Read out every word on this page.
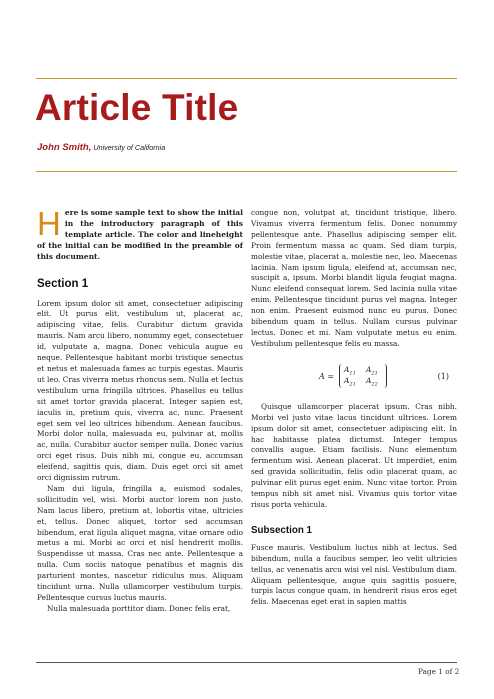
Article Title
John Smith, University of California

Here is some sample text to show the initial in the introductory paragraph of this template article. The color and lineheight of the initial can be modified in the preamble of this document.

Section 1

Lorem ipsum dolor sit amet, consectetuer adipiscing elit. Ut purus elit, vestibulum ut, placerat ac, adipiscing vitae, felis. Curabitur dictum gravida mauris. Nam arcu libero, nonummy eget, consectetuer id, vulputate a, magna. Donec vehicula augue eu neque. Pellentesque habitant morbi tristique senectus et netus et malesuada fames ac turpis egestas. Mauris ut leo. Cras viverra metus rhoncus sem. Nulla et lectus vestibulum urna fringilla ultrices. Phasellus eu tellus sit amet tortor gravida placerat. Integer sapien est, iaculis in, pretium quis, viverra ac, nunc. Praesent eget sem vel leo ultrices bibendum. Aenean faucibus. Morbi dolor nulla, malesuada eu, pulvinar at, mollis ac, nulla. Curabitur auctor semper nulla. Donec varius orci eget risus. Duis nibh mi, congue eu, accumsan eleifend, sagittis quis, diam. Duis eget orci sit amet orci dignissim rutrum.

Nam dui ligula, fringilla a, euismod sodales, sollicitudin vel, wisi. Morbi auctor lorem non justo. Nam lacus libero, pretium at, lobortis vitae, ultricies et, tellus. Donec aliquet, tortor sed accumsan bibendum, erat ligula aliquet magna, vitae ornare odio metus a mi. Morbi ac orci et nisl hendrerit mollis. Suspendisse ut massa. Cras nec ante. Pellentesque a nulla. Cum sociis natoque penatibus et magnis dis parturient montes, nascetur ridiculus mus. Aliquam tincidunt urna. Nulla ullamcorper vestibulum turpis. Pellentesque cursus luctus mauris.

Nulla malesuada porttitor diam. Donec felis erat,

congue non, volutpat at, tincidunt tristique, libero. Vivamus viverra fermentum felis. Donec nonummy pellentesque ante. Phasellus adipiscing semper elit. Proin fermentum massa ac quam. Sed diam turpis, molestie vitae, placerat a, molestie nec, leo. Maecenas lacinia. Nam ipsum ligula, eleifend at, accumsan nec, suscipit a, ipsum. Morbi blandit ligula feugiat magna. Nunc eleifend consequat lorem. Sed lacinia nulla vitae enim. Pellentesque tincidunt purus vel magna. Integer non enim. Praesent euismod nunc eu purus. Donec bibendum quam in tellus. Nullam cursus pulvinar lectus. Donec et mi. Nam vulputate metus eu enim. Vestibulum pellentesque felis eu massa.

A =
$A_{11}$ $A_{21}$
$A_{21}$ $A_{22}$
(1)

Quisque ullamcorper placerat ipsum. Cras nibh. Morbi vel justo vitae lacus tincidunt ultrices. Lorem ipsum dolor sit amet, consectetuer adipiscing elit. In hac habitasse platea dictumst. Integer tempus convallis augue. Etiam facilisis. Nunc elementum fermentum wisi. Aenean placerat. Ut imperdiet, enim sed gravida sollicitudin, felis odio placerat quam, ac pulvinar elit purus eget enim. Nunc vitae tortor. Proin tempus nibh sit amet nisl. Vivamus quis tortor vitae risus porta vehicula.

Subsection 1

Fusce mauris. Vestibulum luctus nibh at lectus. Sed bibendum, nulla a faucibus semper, leo velit ultricies tellus, ac venenatis arcu wisi vel nisl. Vestibulum diam. Aliquam pellentesque, augue quis sagittis posuere, turpis lacus congue quam, in hendrerit risus eros eget felis. Maecenas eget erat in sapien mattis

Page 1 of 2
